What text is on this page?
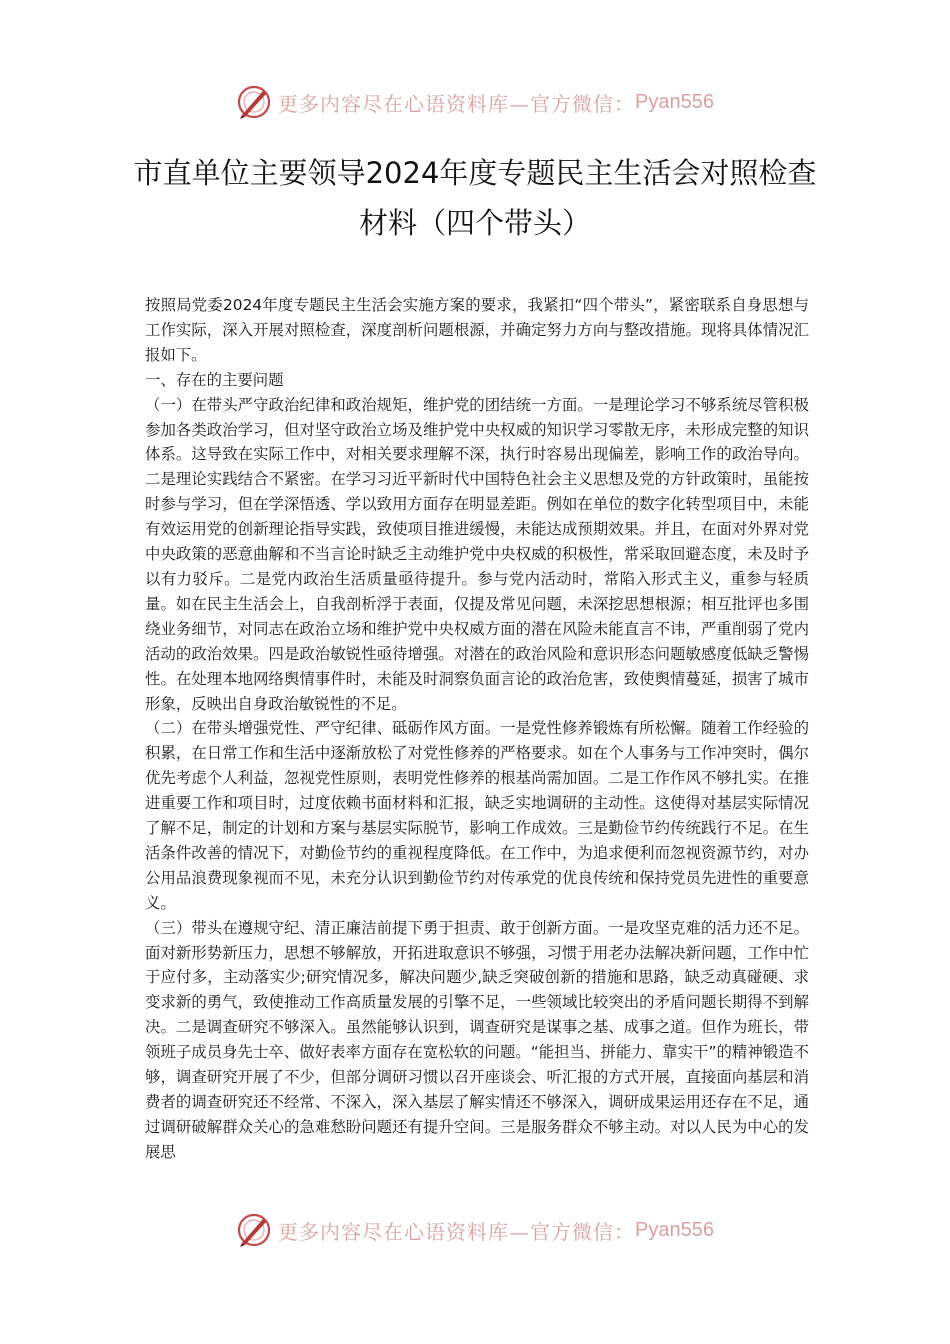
更多内容尽在心语资料库—官方微信： Pyan556
市直单位主要领导2024年度专题民主生活会对照检查材料（四个带头）

按照局党委2024年度专题民主生活会实施方案的要求，我紧扣“四个带头”，紧密联系自身思想与工作实际，深入开展对照检查，深度剖析问题根源，并确定努力方向与整改措施。现将具体情况汇报如下。

一、存在的主要问题

（一）在带头严守政治纪律和政治规矩，维护党的团结统一方面。一是理论学习不够系统尽管积极参加各类政治学习，但对坚守政治立场及维护党中央权威的知识学习零散无序，未形成完整的知识体系。这导致在实际工作中，对相关要求理解不深，执行时容易出现偏差，影响工作的政治导向。二是理论实践结合不紧密。在学习习近平新时代中国特色社会主义思想及党的方针政策时，虽能按时参与学习，但在学深悟透、学以致用方面存在明显差距。例如在单位的数字化转型项目中，未能有效运用党的创新理论指导实践，致使项目推进缓慢，未能达成预期效果。并且，在面对外界对党中央政策的恶意曲解和不当言论时缺乏主动维护党中央权威的积极性，常采取回避态度，未及时予以有力驳斥。二是党内政治生活质量亟待提升。参与党内活动时，常陷入形式主义，重参与轻质量。如在民主生活会上，自我剖析浮于表面，仅提及常见问题，未深挖思想根源；相互批评也多围绕业务细节，对同志在政治立场和维护党中央权威方面的潜在风险未能直言不讳，严重削弱了党内活动的政治效果。四是政治敏锐性亟待增强。对潜在的政治风险和意识形态问题敏感度低缺乏警惕性。在处理本地网络舆情事件时，未能及时洞察负面言论的政治危害，致使舆情蔓延，损害了城市形象，反映出自身政治敏锐性的不足。

（二）在带头增强党性、严守纪律、砥砺作风方面。一是党性修养锻炼有所松懈。随着工作经验的积累，在日常工作和生活中逐渐放松了对党性修养的严格要求。如在个人事务与工作冲突时，偶尔优先考虑个人利益，忽视党性原则，表明党性修养的根基尚需加固。二是工作作风不够扎实。在推进重要工作和项目时，过度依赖书面材料和汇报，缺乏实地调研的主动性。这使得对基层实际情况了解不足，制定的计划和方案与基层实际脱节，影响工作成效。三是勤俭节约传统践行不足。在生活条件改善的情况下，对勤俭节约的重视程度降低。在工作中，为追求便利而忽视资源节约，对办公用品浪费现象视而不见，未充分认识到勤俭节约对传承党的优良传统和保持党员先进性的重要意义。

（三）带头在遵规守纪、清正廉洁前提下勇于担责、敢于创新方面。一是攻坚克难的活力还不足。面对新形势新压力，思想不够解放，开拓进取意识不够强，习惯于用老办法解决新问题，工作中忙于应付多，主动落实少;研究情况多，解决问题少,缺乏突破创新的措施和思路，缺乏动真碰硬、求变求新的勇气，致使推动工作高质量发展的引擎不足，一些领域比较突出的矛盾问题长期得不到解决。二是调查研究不够深入。虽然能够认识到，调查研究是谋事之基、成事之道。但作为班长，带领班子成员身先士卒、做好表率方面存在宽松软的问题。“能担当、拼能力、靠实干”的精神锻造不够，调查研究开展了不少，但部分调研习惯以召开座谈会、听汇报的方式开展，直接面向基层和消费者的调查研究还不经常、不深入，深入基层了解实情还不够深入，调研成果运用还存在不足，通过调研破解群众关心的急难愁盼问题还有提升空间。三是服务群众不够主动。对以人民为中心的发展思

更多内容尽在心语资料库—官方微信： Pyan556
